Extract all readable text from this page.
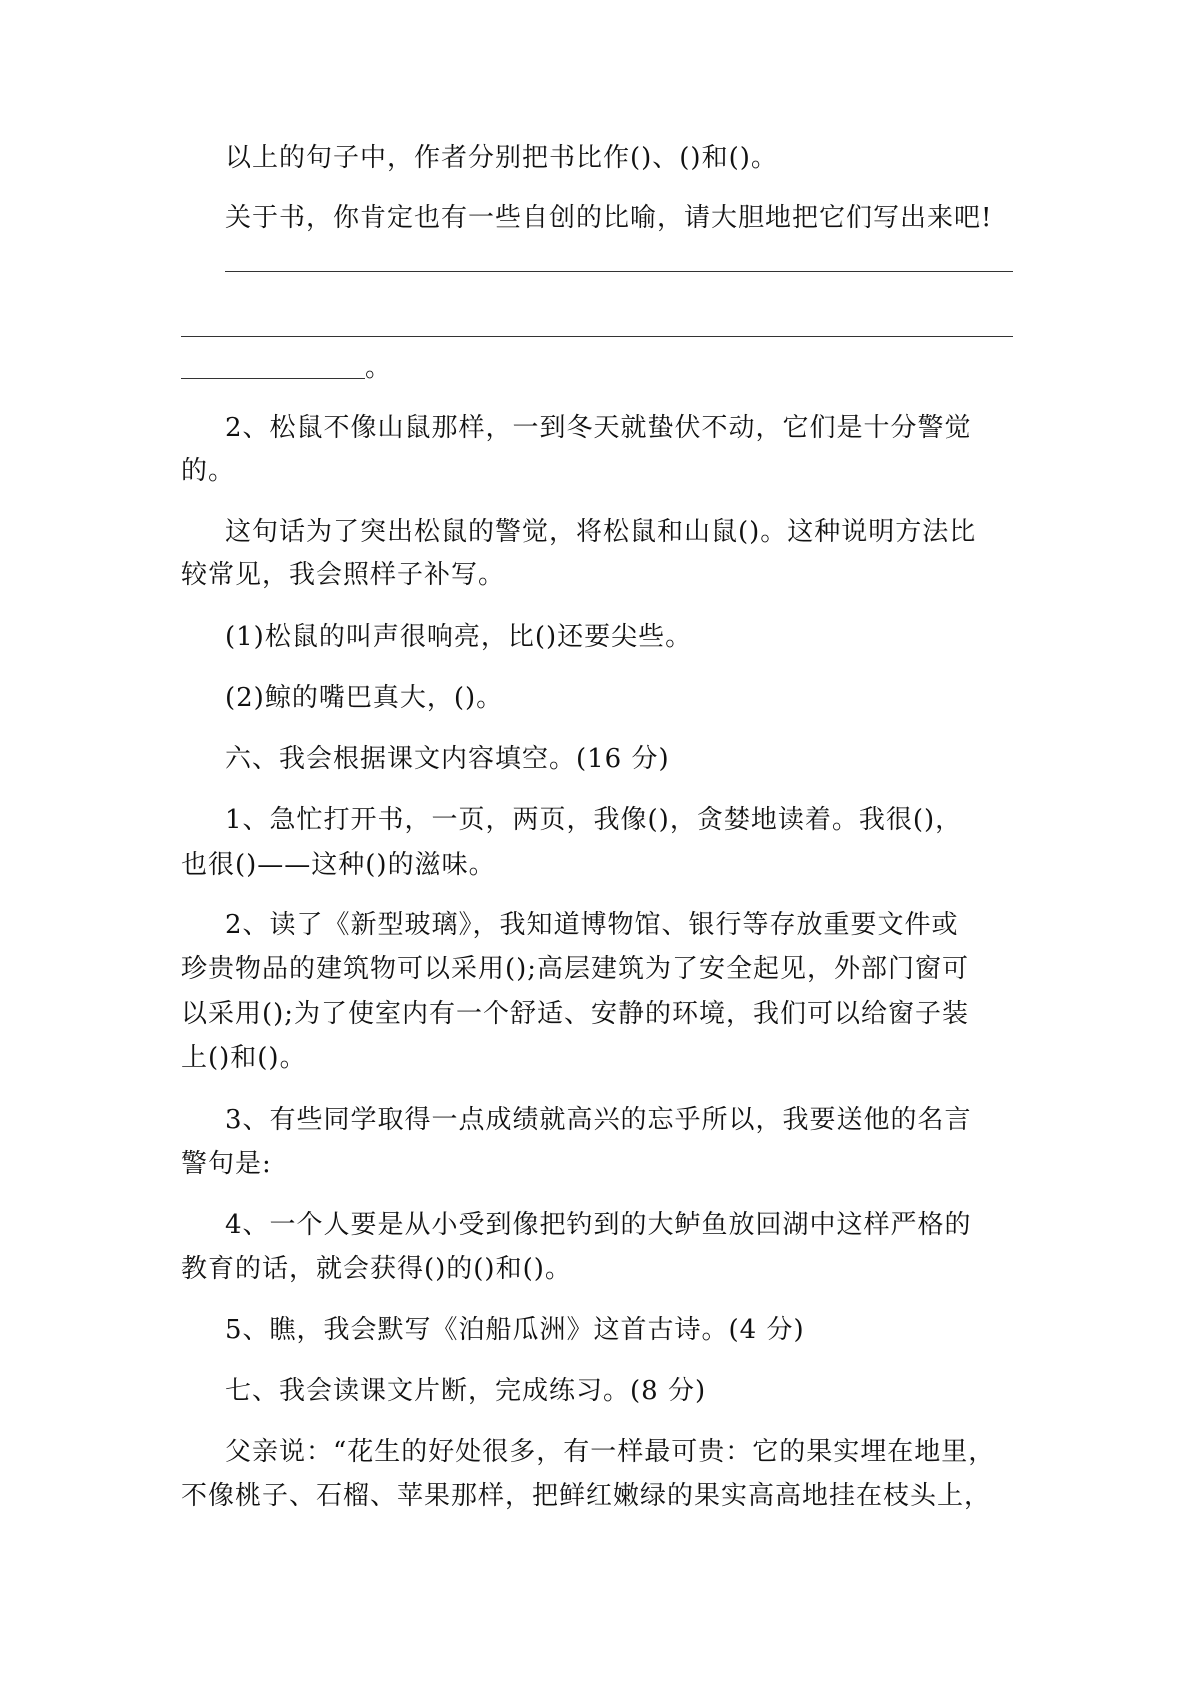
以上的句子中，作者分别把书比作()、()和()。
关于书，你肯定也有一些自创的比喻，请大胆地把它们写出来吧!
。
2、松鼠不像山鼠那样，一到冬天就蛰伏不动，它们是十分警觉
的。
这句话为了突出松鼠的警觉，将松鼠和山鼠()。这种说明方法比
较常见，我会照样子补写。
(1)松鼠的叫声很响亮，比()还要尖些。
(2)鲸的嘴巴真大，()。
六、我会根据课文内容填空。(16 分)
1、急忙打开书，一页，两页，我像()，贪婪地读着。我很()，
也很()——这种()的滋味。
2、读了《新型玻璃》，我知道博物馆、银行等存放重要文件或
珍贵物品的建筑物可以采用();高层建筑为了安全起见，外部门窗可
以采用();为了使室内有一个舒适、安静的环境，我们可以给窗子装
上()和()。
3、有些同学取得一点成绩就高兴的忘乎所以，我要送他的名言
警句是:
4、一个人要是从小受到像把钓到的大鲈鱼放回湖中这样严格的
教育的话，就会获得()的()和()。
5、瞧，我会默写《泊船瓜洲》这首古诗。(4 分)
七、我会读课文片断，完成练习。(8 分)
父亲说：“花生的好处很多，有一样最可贵：它的果实埋在地里，
不像桃子、石榴、苹果那样，把鲜红嫩绿的果实高高地挂在枝头上，
